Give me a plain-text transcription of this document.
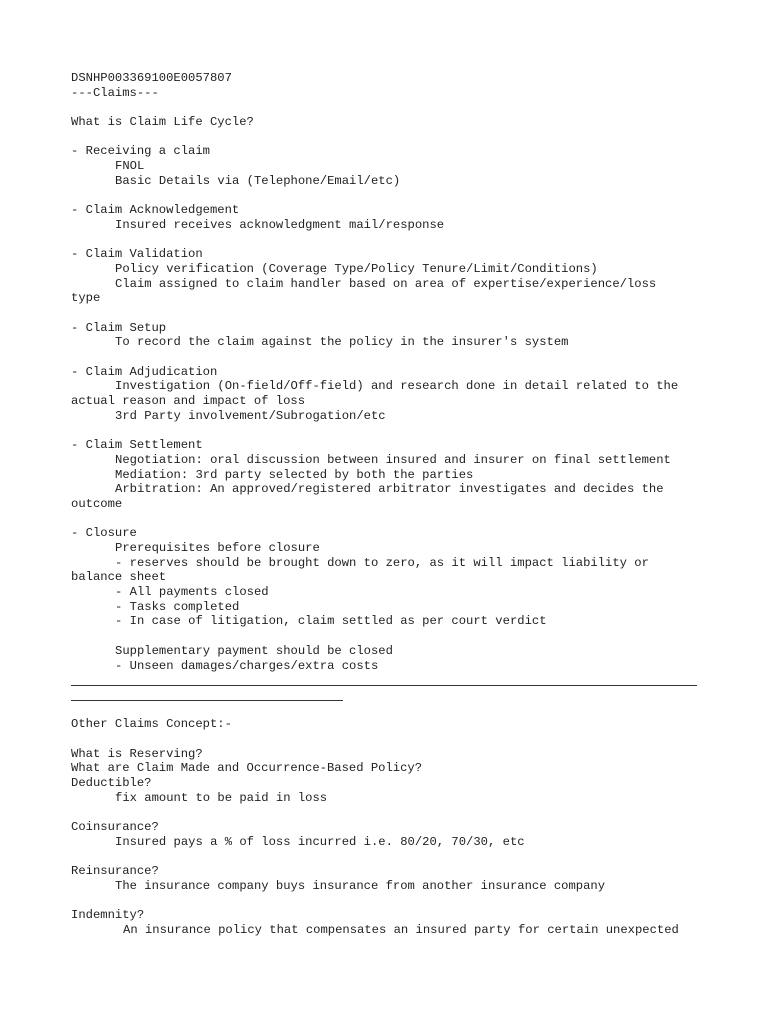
DSNHP003369100E0057807
---Claims---
What is Claim Life Cycle?
- Receiving a claim
FNOL
Basic Details via (Telephone/Email/etc)
- Claim Acknowledgement
Insured receives acknowledgment mail/response
- Claim Validation
Policy verification (Coverage Type/Policy Tenure/Limit/Conditions)
Claim assigned to claim handler based on area of expertise/experience/loss
type
- Claim Setup
To record the claim against the policy in the insurer's system
- Claim Adjudication
Investigation (On-field/Off-field) and research done in detail related to the
actual reason and impact of loss
3rd Party involvement/Subrogation/etc
- Claim Settlement
Negotiation: oral discussion between insured and insurer on final settlement
Mediation: 3rd party selected by both the parties
Arbitration: An approved/registered arbitrator investigates and decides the
outcome
- Closure
Prerequisites before closure
- reserves should be brought down to zero, as it will impact liability or
balance sheet
- All payments closed
- Tasks completed
- In case of litigation, claim settled as per court verdict
Supplementary payment should be closed
- Unseen damages/charges/extra costs
Other Claims Concept:-
What is Reserving?
What are Claim Made and Occurrence-Based Policy?
Deductible?
fix amount to be paid in loss
Coinsurance?
Insured pays a % of loss incurred i.e. 80/20, 70/30, etc
Reinsurance?
The insurance company buys insurance from another insurance company
Indemnity?
An insurance policy that compensates an insured party for certain unexpected
